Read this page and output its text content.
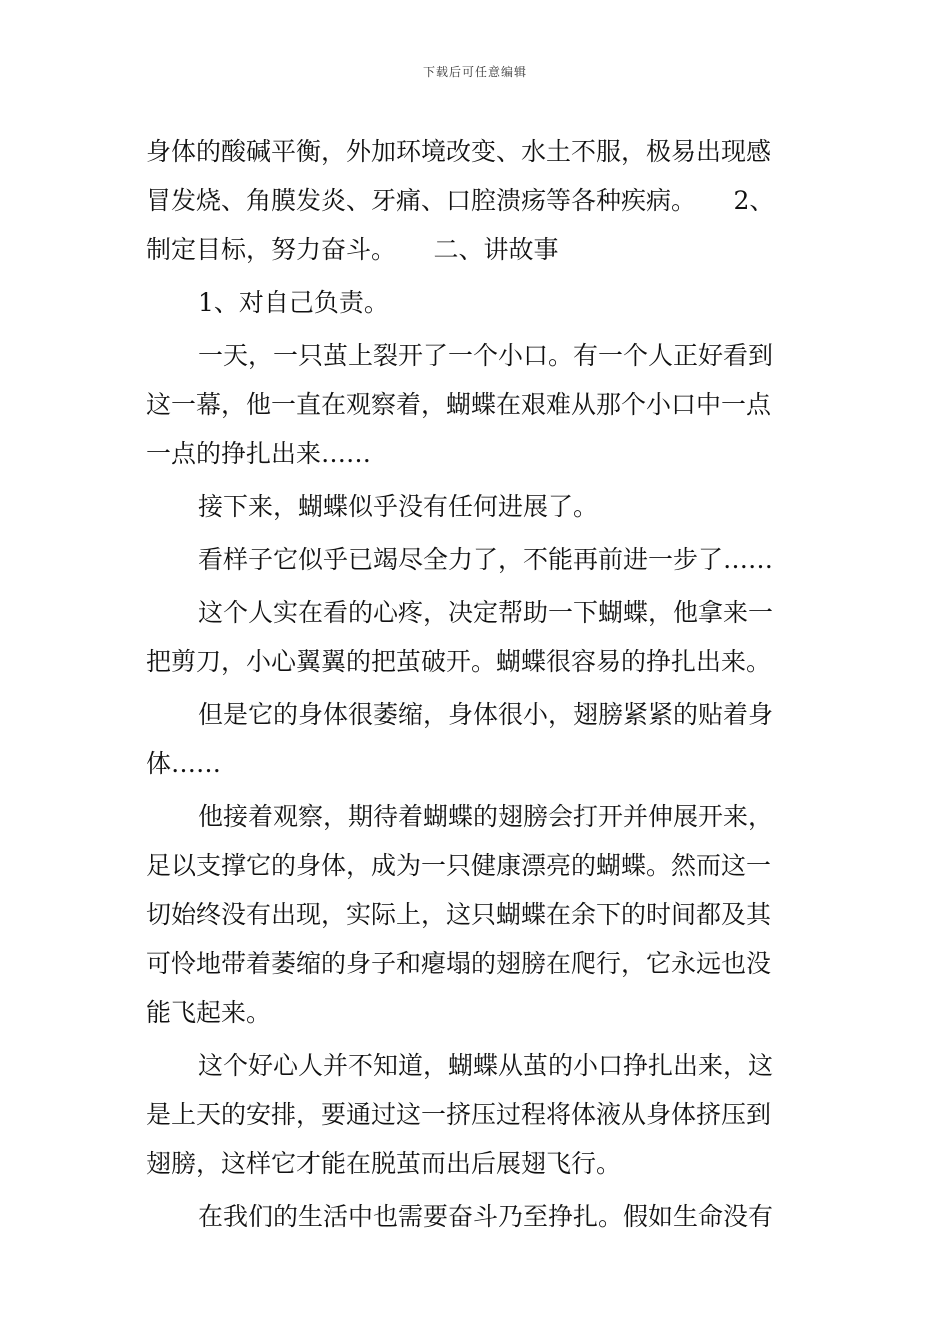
下载后可任意编辑
身体的酸碱平衡，外加环境改变、水土不服，极易出现感
冒发烧、角膜发炎、牙痛、口腔溃疡等各种疾病。　　2、
制定目标，努力奋斗。　　二、讲故事
1、对自己负责。
一天，一只茧上裂开了一个小口。有一个人正好看到
这一幕，他一直在观察着，蝴蝶在艰难从那个小口中一点
一点的挣扎出来……
接下来，蝴蝶似乎没有任何进展了。
看样子它似乎已竭尽全力了，不能再前进一步了……
这个人实在看的心疼，决定帮助一下蝴蝶，他拿来一
把剪刀，小心翼翼的把茧破开。蝴蝶很容易的挣扎出来。
但是它的身体很萎缩，身体很小，翅膀紧紧的贴着身
体……
他接着观察，期待着蝴蝶的翅膀会打开并伸展开来，
足以支撑它的身体，成为一只健康漂亮的蝴蝶。然而这一
切始终没有出现，实际上，这只蝴蝶在余下的时间都及其
可怜地带着萎缩的身子和瘪塌的翅膀在爬行，它永远也没
能飞起来。
这个好心人并不知道，蝴蝶从茧的小口挣扎出来，这
是上天的安排，要通过这一挤压过程将体液从身体挤压到
翅膀，这样它才能在脱茧而出后展翅飞行。
在我们的生活中也需要奋斗乃至挣扎。假如生命没有
